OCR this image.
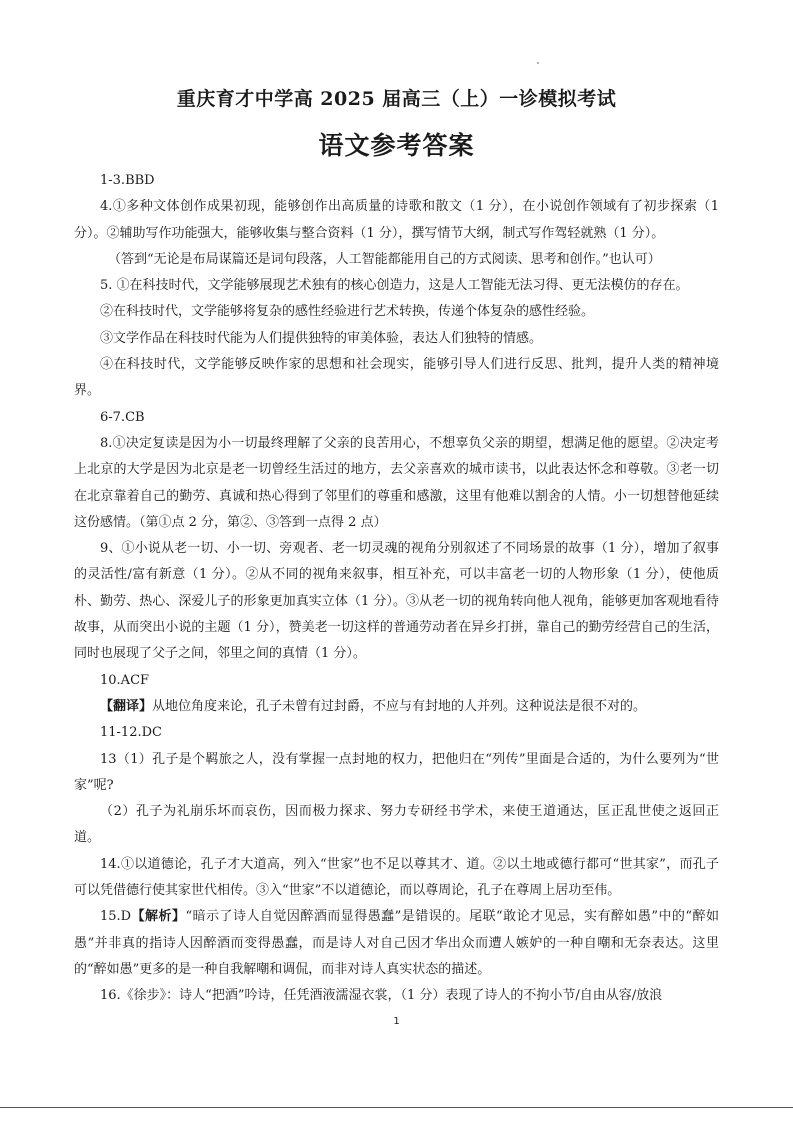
重庆育才中学高 2025 届高三（上）一诊模拟考试
语文参考答案

1-3.BBD

4.①多种文体创作成果初现，能够创作出高质量的诗歌和散文（1 分），在小说创作领域有了初步探索（1 分）。②辅助写作功能强大，能够收集与整合资料（1 分），撰写情节大纲，制式写作驾轻就熟（1 分）。

（答到“无论是布局谋篇还是词句段落，人工智能都能用自己的方式阅读、思考和创作。”也认可）

5. ①在科技时代，文学能够展现艺术独有的核心创造力，这是人工智能无法习得、更无法模仿的存在。

②在科技时代，文学能够将复杂的感性经验进行艺术转换，传递个体复杂的感性经验。

③文学作品在科技时代能为人们提供独特的审美体验，表达人们独特的情感。

④在科技时代，文学能够反映作家的思想和社会现实，能够引导人们进行反思、批判，提升人类的精神境界。

6-7.CB

8.①决定复读是因为小一切最终理解了父亲的良苦用心，不想辜负父亲的期望，想满足他的愿望。②决定考上北京的大学是因为北京是老一切曾经生活过的地方，去父亲喜欢的城市读书，以此表达怀念和尊敬。③老一切在北京靠着自己的勤劳、真诚和热心得到了邻里们的尊重和感激，这里有他难以割舍的人情。小一切想替他延续这份感情。（第①点 2 分，第②、③答到一点得 2 点）

9、①小说从老一切、小一切、旁观者、老一切灵魂的视角分别叙述了不同场景的故事（1 分），增加了叙事的灵活性/富有新意（1 分）。②从不同的视角来叙事，相互补充，可以丰富老一切的人物形象（1 分），使他质朴、勤劳、热心、深爱儿子的形象更加真实立体（1 分）。③从老一切的视角转向他人视角，能够更加客观地看待故事，从而突出小说的主题（1 分），赞美老一切这样的普通劳动者在异乡打拼，靠自己的勤劳经营自己的生活，同时也展现了父子之间，邻里之间的真情（1 分）。

10.ACF

【翻译】从地位角度来论，孔子未曾有过封爵，不应与有封地的人并列。这种说法是很不对的。

11-12.DC

13（1）孔子是个羁旅之人，没有掌握一点封地的权力，把他归在“列传”里面是合适的，为什么要列为“世家”呢?

（2）孔子为礼崩乐坏而哀伤，因而极力探求、努力专研经书学术，来使王道通达，匡正乱世使之返回正道。

14.①以道德论，孔子才大道高，列入“世家”也不足以尊其才、道。②以土地或德行都可“世其家”，而孔子可以凭借德行使其家世代相传。③入“世家”不以道德论，而以尊周论，孔子在尊周上居功至伟。

15.D【解析】“暗示了诗人自觉因醉酒而显得愚蠢”是错误的。尾联“敢论才见忌，实有醉如愚”中的“醉如愚”并非真的指诗人因醉酒而变得愚蠢，而是诗人对自己因才华出众而遭人嫉妒的一种自嘲和无奈表达。这里的“醉如愚”更多的是一种自我解嘲和调侃，而非对诗人真实状态的描述。

16.《徐步》：诗人“把酒”吟诗，任凭酒液濡湿衣裳，（1 分）表现了诗人的不拘小节/自由从容/放浪

1
